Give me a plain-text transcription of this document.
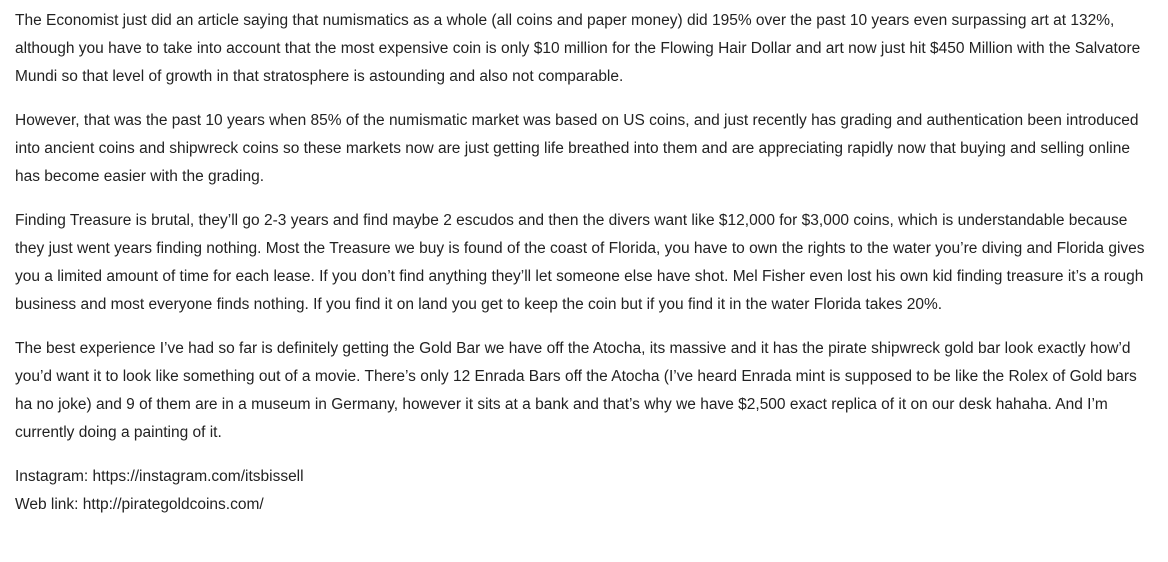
The Economist just did an article saying that numismatics as a whole (all coins and paper money) did 195% over the past 10 years even surpassing art at 132%, although you have to take into account that the most expensive coin is only $10 million for the Flowing Hair Dollar and art now just hit $450 Million with the Salvatore Mundi so that level of growth in that stratosphere is astounding and also not comparable.

However, that was the past 10 years when 85% of the numismatic market was based on US coins, and just recently has grading and authentication been introduced into ancient coins and shipwreck coins so these markets now are just getting life breathed into them and are appreciating rapidly now that buying and selling online has become easier with the grading.

Finding Treasure is brutal, they’ll go 2-3 years and find maybe 2 escudos and then the divers want like $12,000 for $3,000 coins, which is understandable because they just went years finding nothing. Most the Treasure we buy is found of the coast of Florida, you have to own the rights to the water you’re diving and Florida gives you a limited amount of time for each lease. If you don’t find anything they’ll let someone else have shot. Mel Fisher even lost his own kid finding treasure it’s a rough business and most everyone finds nothing. If you find it on land you get to keep the coin but if you find it in the water Florida takes 20%.

The best experience I’ve had so far is definitely getting the Gold Bar we have off the Atocha, its massive and it has the pirate shipwreck gold bar look exactly how’d you’d want it to look like something out of a movie. There’s only 12 Enrada Bars off the Atocha (I’ve heard Enrada mint is supposed to be like the Rolex of Gold bars ha no joke) and 9 of them are in a museum in Germany, however it sits at a bank and that’s why we have $2,500 exact replica of it on our desk hahaha. And I’m currently doing a painting of it.

Instagram: https://instagram.com/itsbissell
Web link: http://pirategoldcoins.com/
